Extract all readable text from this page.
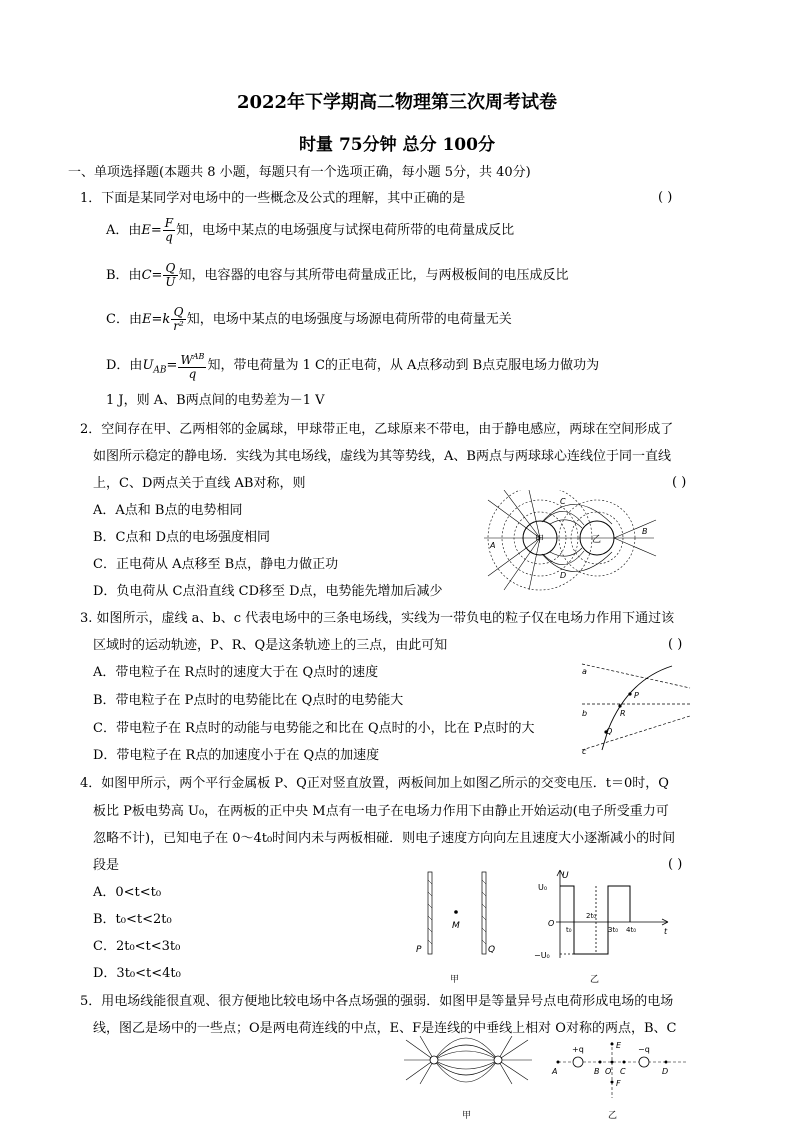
2022年下学期高二物理第三次周考试卷
时量 75分钟 总分 100分
一、单项选择题(本题共 8 小题，每题只有一个选项正确，每小题 5分，共 40分)
1．下面是某同学对电场中的一些概念及公式的理解，其中正确的是	( )
A．由$E= \frac{F}{q}$ 知，电场中某点的电场强度与试探电荷所带的电荷量成反比
B．由$C= \frac{Q}{U}$ 知，电容器的电容与其所带电荷量成正比，与两极板间的电压成反比
C．由$E=k \frac{Q}{\text{r²}}$ 知，电场中某点的电场强度与场源电荷所带的电荷量无关
D．由$U_{AB}= \frac{W^{AB}}{q}$ 知，带电荷量为 1 C的正电荷，从 A点移动到 B点克服电场力做功为
1 J，则 A、B两点间的电势差为－1 V
2．空间存在甲、乙两相邻的金属球，甲球带正电，乙球原来不带电，由于静电感应，两球在空间形成了
如图所示稳定的静电场．实线为其电场线，虚线为其等势线，A、B两点与两球球心连线位于同一直线
上，C、D两点关于直线 AB对称，则	( )
A．A点和 B点的电势相同
B．C点和 D点的电场强度相同
C．正电荷从 A点移至 B点，静电力做正功
D．负电荷从 C点沿直线 CD移至 D点，电势能先增加后减少
甲	乙
A
B
C
D
3. 如图所示，虚线 a、b、c 代表电场中的三条电场线，实线为一带负电的粒子仅在电场力作用下通过该
区域时的运动轨迹，P、R、Q是这条轨迹上的三点，由此可知	( )
A．带电粒子在 R点时的速度大于在 Q点时的速度
B．带电粒子在 P点时的电势能比在 Q点时的电势能大
C．带电粒子在 R点时的动能与电势能之和比在 Q点时的小，比在 P点时的大
D．带电粒子在 R点的加速度小于在 Q点的加速度
a
b
c
P
R
Q
4．如图甲所示，两个平行金属板 P、Q正对竖直放置，两板间加上如图乙所示的交变电压．t＝0时，Q
板比 P板电势高 U₀，在两板的正中央 M点有一电子在电场力作用下由静止开始运动(电子所受重力可
忽略不计)，已知电子在 0～4t₀时间内未与两板相碰．则电子速度方向向左且速度大小逐渐减小的时间
段是	( )
A．0<t<t₀
B．t₀<t<2t₀
C．2t₀<t<3t₀
D．3t₀<t<4t₀
M
P	Q
甲
U
U₀
−U₀
O
t
t₀
2t₀
3t₀ 4t₀
乙
5．用电场线能很直观、很方便地比较电场中各点场强的强弱．如图甲是等量异号点电荷形成电场的电场
线，图乙是场中的一些点；O是两电荷连线的中点，E、F是连线的中垂线上相对 O对称的两点，B、C
甲
+q	−q
E
F
A	B O C	D
乙
